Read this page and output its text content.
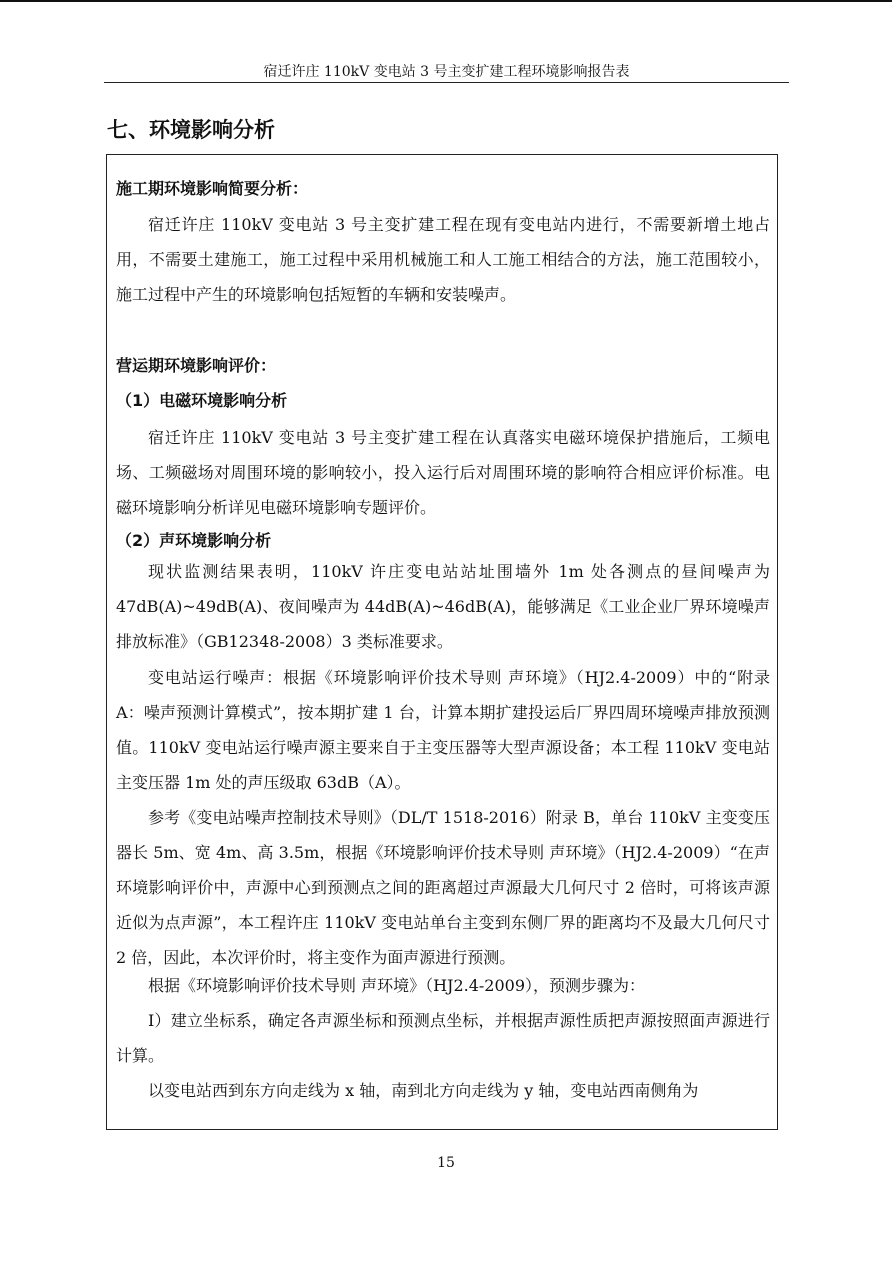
宿迁许庄 110kV 变电站 3 号主变扩建工程环境影响报告表
七、环境影响分析
施工期环境影响简要分析：

宿迁许庄 110kV 变电站 3 号主变扩建工程在现有变电站内进行，不需要新增土地占用，不需要土建施工，施工过程中采用机械施工和人工施工相结合的方法，施工范围较小，施工过程中产生的环境影响包括短暂的车辆和安装噪声。

营运期环境影响评价：
（1）电磁环境影响分析

宿迁许庄 110kV 变电站 3 号主变扩建工程在认真落实电磁环境保护措施后，工频电场、工频磁场对周围环境的影响较小，投入运行后对周围环境的影响符合相应评价标准。电磁环境影响分析详见电磁环境影响专题评价。

（2）声环境影响分析

现状监测结果表明，110kV 许庄变电站站址围墙外 1m 处各测点的昼间噪声为 47dB(A)~49dB(A)、夜间噪声为 44dB(A)~46dB(A)，能够满足《工业企业厂界环境噪声排放标准》（GB12348-2008）3 类标准要求。

变电站运行噪声：根据《环境影响评价技术导则 声环境》（HJ2.4-2009）中的“附录 A：噪声预测计算模式”，按本期扩建 1 台，计算本期扩建投运后厂界四周环境噪声排放预测值。110kV 变电站运行噪声源主要来自于主变压器等大型声源设备；本工程 110kV 变电站主变压器 1m 处的声压级取 63dB（A）。

参考《变电站噪声控制技术导则》（DL/T 1518-2016）附录 B，单台 110kV 主变变压器长 5m、宽 4m、高 3.5m，根据《环境影响评价技术导则 声环境》（HJ2.4-2009）“在声环境影响评价中，声源中心到预测点之间的距离超过声源最大几何尺寸 2 倍时，可将该声源近似为点声源”，本工程许庄 110kV 变电站单台主变到东侧厂界的距离均不及最大几何尺寸 2 倍，因此，本次评价时，将主变作为面声源进行预测。

根据《环境影响评价技术导则 声环境》（HJ2.4-2009），预测步骤为：

I）建立坐标系，确定各声源坐标和预测点坐标，并根据声源性质把声源按照面声源进行计算。

以变电站西到东方向走线为 x 轴，南到北方向走线为 y 轴，变电站西南侧角为

15
